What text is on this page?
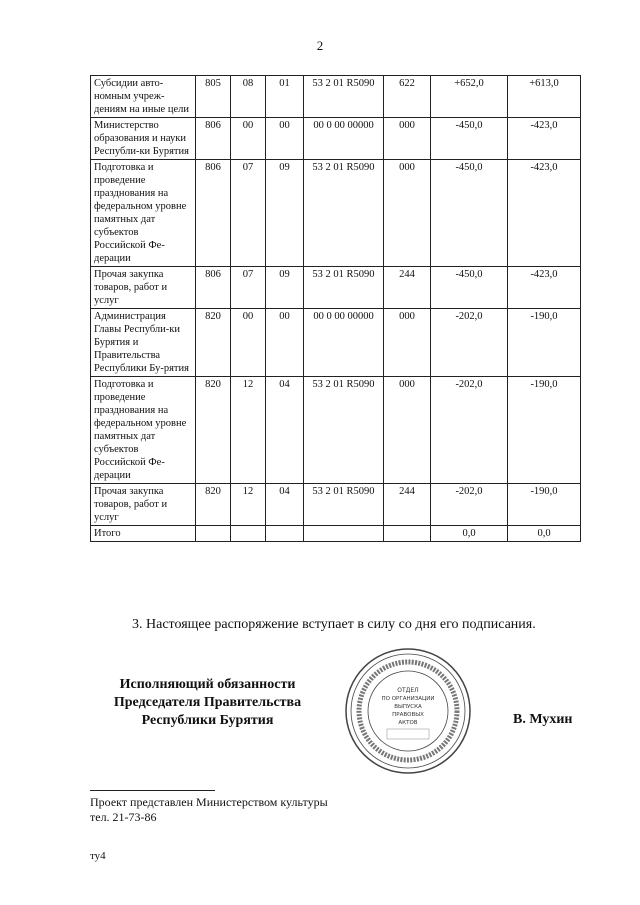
2
Субсидии авто-номным учреж-дениям на иные цели	805	08	01	53 2 01 R5090	622	+652,0	+613,0
Министерство образования и науки Республи-ки Бурятия	806	00	00	00 0 00 00000	000	-450,0	-423,0
Подготовка и проведение празднования на федеральном уровне памятных дат субъектов Российской Фе-дерации	806	07	09	53 2 01 R5090	000	-450,0	-423,0
Прочая закупка товаров, работ и услуг	806	07	09	53 2 01 R5090	244	-450,0	-423,0
Администрация Главы Республи-ки Бурятия и Правительства Республики Бу-рятия	820	00	00	00 0 00 00000	000	-202,0	-190,0
Подготовка и проведение празднования на федеральном уровне памятных дат субъектов Российской Фе-дерации	820	12	04	53 2 01 R5090	000	-202,0	-190,0
Прочая закупка товаров, работ и услуг	820	12	04	53 2 01 R5090	244	-202,0	-190,0
Итого						0,0	0,0
3. Настоящее распоряжение вступает в силу со дня его подписания.
Исполняющий обязанности
Председателя Правительства
Республики Бурятия
ОТДЕЛ
ПО ОРГАНИЗАЦИИ
ВЫПУСКА
ПРАВОВЫХ
АКТОВ	В. Мухин
Проект представлен Министерством культуры
тел. 21-73-86
ту4
